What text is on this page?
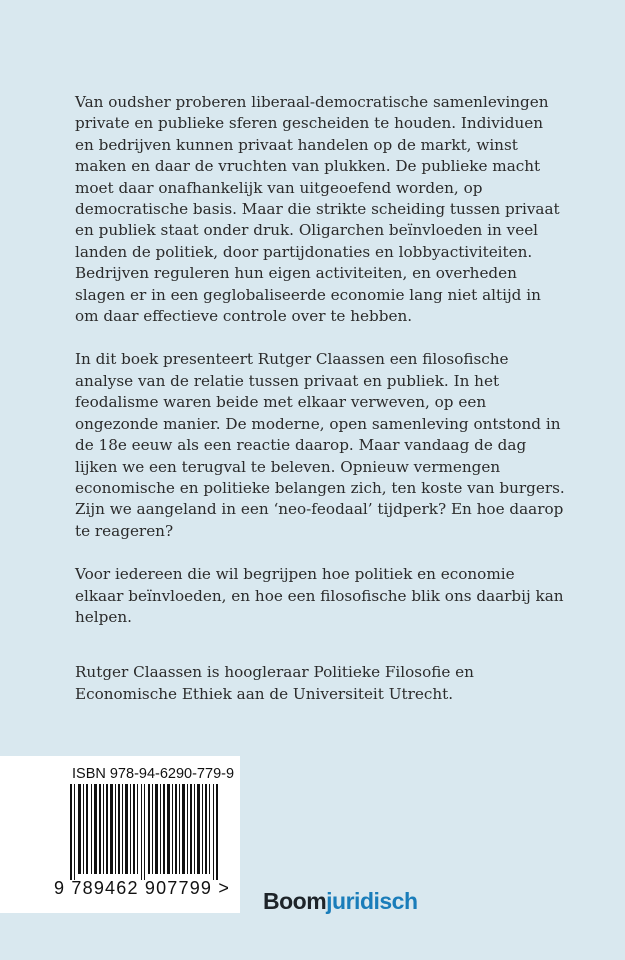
Van oudsher proberen liberaal-democratische samenlevingen private en publieke sferen gescheiden te houden. Individuen en bedrijven kunnen privaat handelen op de markt, winst maken en daar de vruchten van plukken. De publieke macht moet daar onafhankelijk van uitgeoefend worden, op democratische basis. Maar die strikte scheiding tussen privaat en publiek staat onder druk. Oligarchen beïnvloeden in veel landen de politiek, door partijdonaties en lobbyactiviteiten. Bedrijven reguleren hun eigen activiteiten, en overheden slagen er in een geglobaliseerde economie lang niet altijd in om daar effectieve controle over te hebben.

In dit boek presenteert Rutger Claassen een filosofische analyse van de relatie tussen privaat en publiek. In het feodalisme waren beide met elkaar verweven, op een ongezonde manier. De moderne, open samenleving ontstond in de 18e eeuw als een reactie daarop. Maar vandaag de dag lijken we een terugval te beleven. Opnieuw vermengen economische en politieke belangen zich, ten koste van burgers. Zijn we aangeland in een ‘neo-feodaal’ tijdperk? En hoe daarop te reageren?

Voor iedereen die wil begrijpen hoe politiek en economie elkaar beïnvloeden, en hoe een filosofische blik ons daarbij kan helpen.

Rutger Claassen is hoogleraar Politieke Filosofie en Economische Ethiek aan de Universiteit Utrecht.

ISBN 978-94-6290-779-9
9 789462 907799 > Boomjuridisch
